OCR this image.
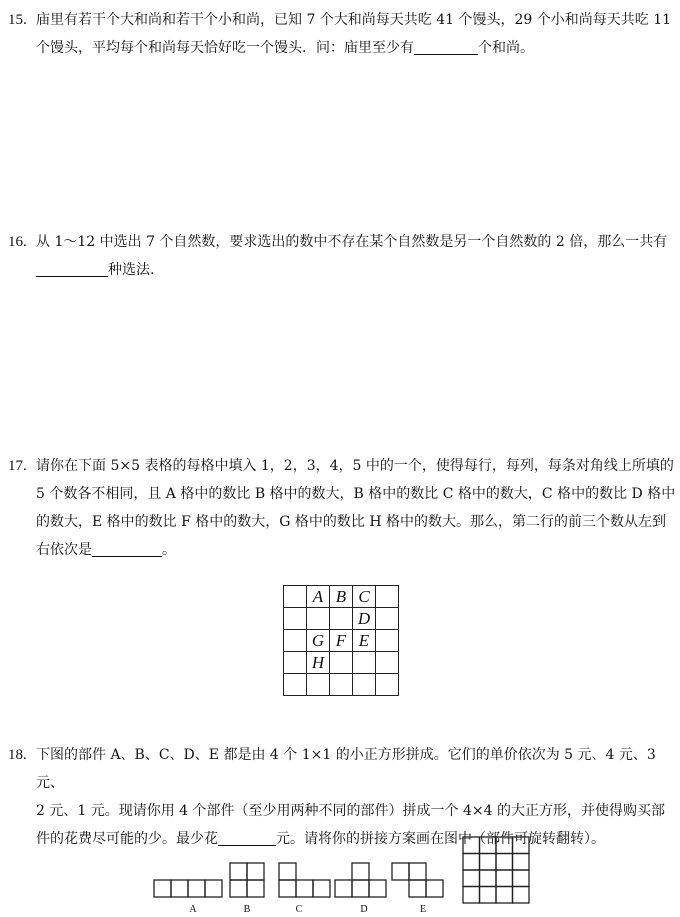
15. 庙里有若干个大和尚和若干个小和尚，已知 7 个大和尚每天共吃 41 个馒头，29 个小和尚每天共吃 11
个馒头，平均每个和尚每天恰好吃一个馒头．问：庙里至少有	个和尚。
16. 从 1～12 中选出 7 个自然数，要求选出的数中不存在某个自然数是另一个自然数的 2 倍，那么一共有
种选法.
17. 请你在下面 5×5 表格的每格中填入 1，2，3，4，5 中的一个，使得每行，每列，每条对角线上所填的
5 个数各不相同，且 A 格中的数比 B 格中的数大，B 格中的数比 C 格中的数大，C 格中的数比 D 格中
的数大，E 格中的数比 F 格中的数大，G 格中的数比 H 格中的数大。那么，第二行的前三个数从左到
右依次是	。
	A	B	C	
			D	
	G	F	E	
	H			

18. 下图的部件 A、B、C、D、E 都是由 4 个 1×1 的小正方形拼成。它们的单价依次为 5 元、4 元、3 元、
2 元、1 元。现请你用 4 个部件（至少用两种不同的部件）拼成一个 4×4 的大正方形，并使得购买部
件的花费尽可能的少。最少花	元。请将你的拼接方案画在图中（部件可旋转翻转）。
A	B	C	D	E
